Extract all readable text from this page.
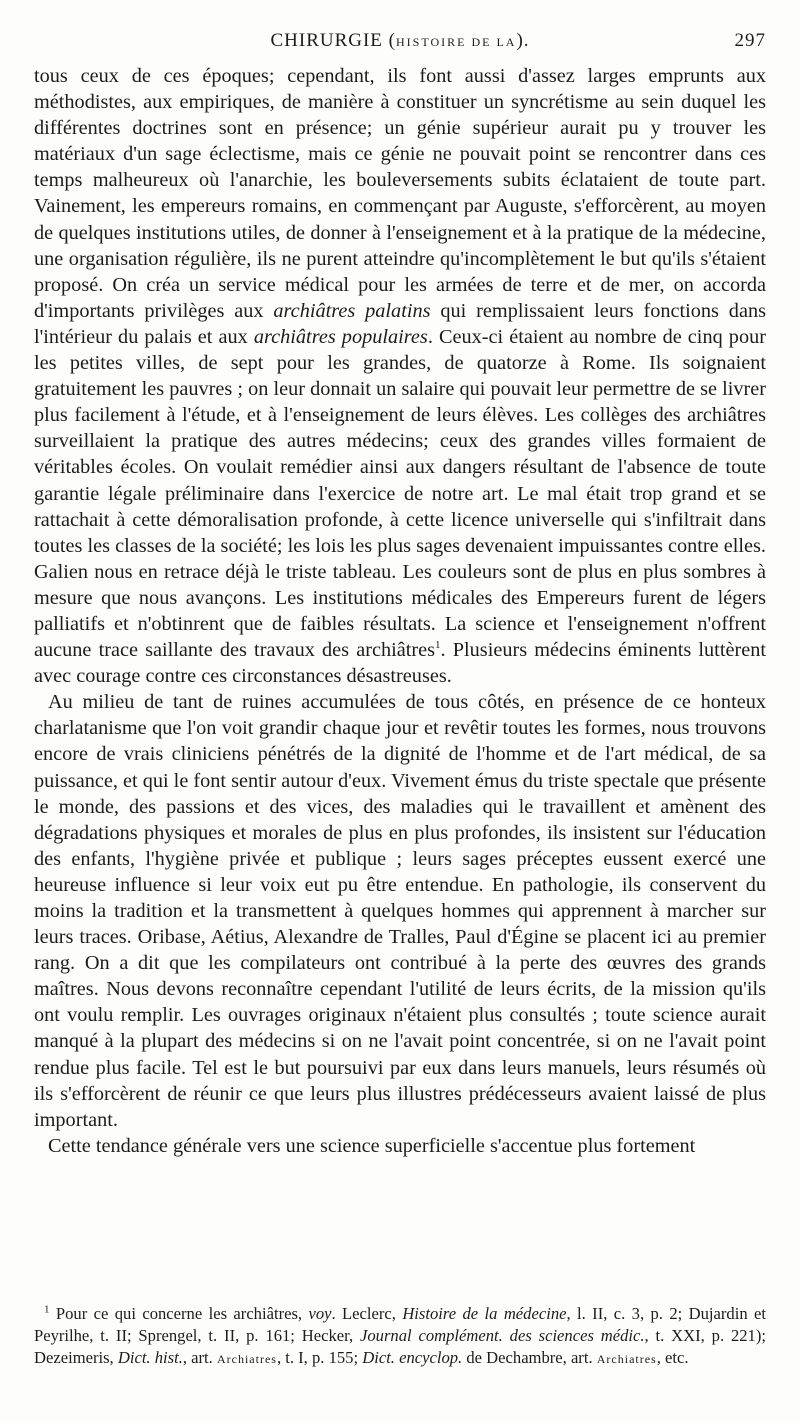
CHIRURGIE (HISTOIRE DE LA).	297

tous ceux de ces époques; cependant, ils font aussi d'assez larges emprunts aux méthodistes, aux empiriques, de manière à constituer un syncrétisme au sein duquel les différentes doctrines sont en présence; un génie supérieur aurait pu y trouver les matériaux d'un sage éclectisme, mais ce génie ne pouvait point se rencontrer dans ces temps malheureux où l'anarchie, les bouleversements subits éclataient de toute part. Vainement, les empereurs romains, en commençant par Auguste, s'efforcèrent, au moyen de quelques institutions utiles, de donner à l'enseignement et à la pratique de la médecine, une organisation régulière, ils ne purent atteindre qu'incomplètement le but qu'ils s'étaient proposé. On créa un service médical pour les armées de terre et de mer, on accorda d'importants privilèges aux archiâtres palatins qui remplissaient leurs fonctions dans l'intérieur du palais et aux archiâtres populaires. Ceux-ci étaient au nombre de cinq pour les petites villes, de sept pour les grandes, de quatorze à Rome. Ils soignaient gratuitement les pauvres ; on leur donnait un salaire qui pouvait leur permettre de se livrer plus facilement à l'étude, et à l'enseignement de leurs élèves. Les collèges des archiâtres surveillaient la pratique des autres médecins; ceux des grandes villes formaient de véritables écoles. On voulait remédier ainsi aux dangers résultant de l'absence de toute garantie légale préliminaire dans l'exercice de notre art. Le mal était trop grand et se rattachait à cette démoralisation profonde, à cette licence universelle qui s'infiltrait dans toutes les classes de la société; les lois les plus sages devenaient impuissantes contre elles. Galien nous en retrace déjà le triste tableau. Les couleurs sont de plus en plus sombres à mesure que nous avançons. Les institutions médicales des Empereurs furent de légers palliatifs et n'obtinrent que de faibles résultats. La science et l'enseignement n'offrent aucune trace saillante des travaux des archiâtres$^1$. Plusieurs médecins éminents luttèrent avec courage contre ces circonstances désastreuses.

Au milieu de tant de ruines accumulées de tous côtés, en présence de ce honteux charlatanisme que l'on voit grandir chaque jour et revêtir toutes les formes, nous trouvons encore de vrais cliniciens pénétrés de la dignité de l'homme et de l'art médical, de sa puissance, et qui le font sentir autour d'eux. Vivement émus du triste spectale que présente le monde, des passions et des vices, des maladies qui le travaillent et amènent des dégradations physiques et morales de plus en plus profondes, ils insistent sur l'éducation des enfants, l'hygiène privée et publique ; leurs sages préceptes eussent exercé une heureuse influence si leur voix eut pu être entendue. En pathologie, ils conservent du moins la tradition et la transmettent à quelques hommes qui apprennent à marcher sur leurs traces. Oribase, Aétius, Alexandre de Tralles, Paul d'Égine se placent ici au premier rang. On a dit que les compilateurs ont contribué à la perte des œuvres des grands maîtres. Nous devons reconnaître cependant l'utilité de leurs écrits, de la mission qu'ils ont voulu remplir. Les ouvrages originaux n'étaient plus consultés ; toute science aurait manqué à la plupart des médecins si on ne l'avait point concentrée, si on ne l'avait point rendue plus facile. Tel est le but poursuivi par eux dans leurs manuels, leurs résumés où ils s'efforcèrent de réunir ce que leurs plus illustres prédécesseurs avaient laissé de plus important.

Cette tendance générale vers une science superficielle s'accentue plus fortement

$^1$ Pour ce qui concerne les archiâtres, voy. Leclerc, Histoire de la médecine, l. II, c. 3, p. 2; Dujardin et Peyrilhe, t. II; Sprengel, t. II, p. 161; Hecker, Journal complément. des sciences médic., t. XXI, p. 221); Dezeimeris, Dict. hist., art. Archiatres, t. I, p. 155; Dict. encyclop. de Dechambre, art. Archiatres, etc.
